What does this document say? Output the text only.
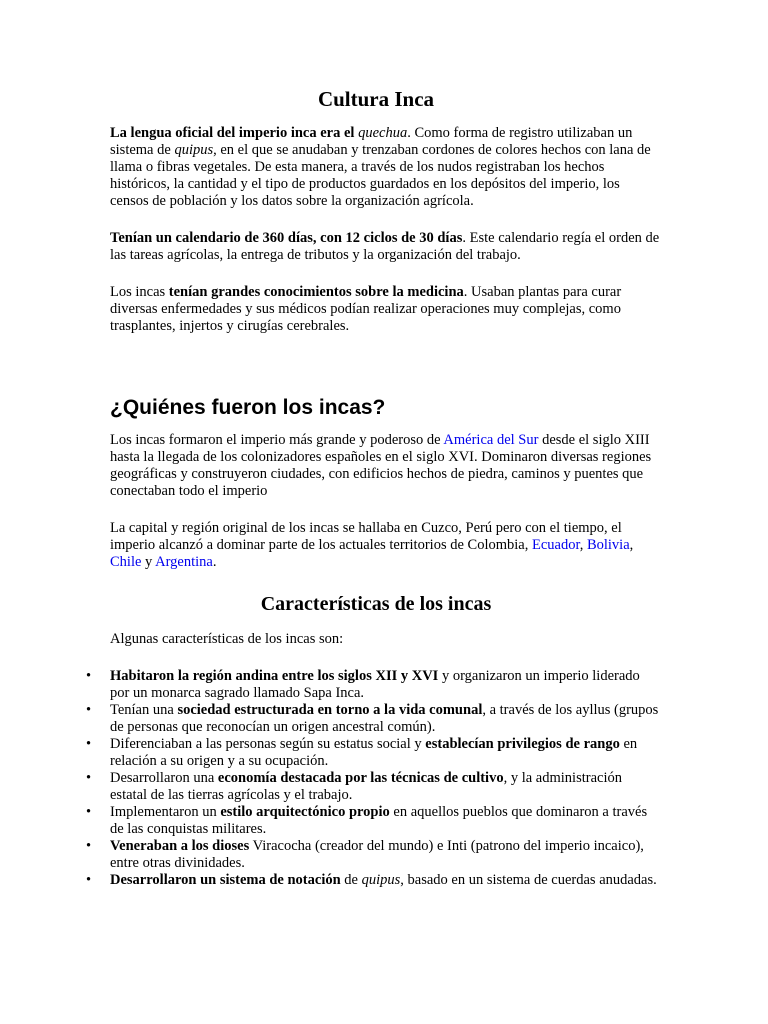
Cultura Inca

La lengua oficial del imperio inca era el quechua. Como forma de registro utilizaban un sistema de quipus, en el que se anudaban y trenzaban cordones de colores hechos con lana de llama o fibras vegetales. De esta manera, a través de los nudos registraban los hechos históricos, la cantidad y el tipo de productos guardados en los depósitos del imperio, los censos de población y los datos sobre la organización agrícola.

Tenían un calendario de 360 días, con 12 ciclos de 30 días. Este calendario regía el orden de las tareas agrícolas, la entrega de tributos y la organización del trabajo.

Los incas tenían grandes conocimientos sobre la medicina. Usaban plantas para curar diversas enfermedades y sus médicos podían realizar operaciones muy complejas, como trasplantes, injertos y cirugías cerebrales.

¿Quiénes fueron los incas?

Los incas formaron el imperio más grande y poderoso de América del Sur desde el siglo XIII hasta la llegada de los colonizadores españoles en el siglo XVI. Dominaron diversas regiones geográficas y construyeron ciudades, con edificios hechos de piedra, caminos y puentes que conectaban todo el imperio

La capital y región original de los incas se hallaba en Cuzco, Perú pero con el tiempo, el imperio alcanzó a dominar parte de los actuales territorios de Colombia, Ecuador, Bolivia, Chile y Argentina.

Características de los incas

Algunas características de los incas son:

• Habitaron la región andina entre los siglos XII y XVI y organizaron un imperio liderado por un monarca sagrado llamado Sapa Inca.
• Tenían una sociedad estructurada en torno a la vida comunal, a través de los ayllus (grupos de personas que reconocían un origen ancestral común).
• Diferenciaban a las personas según su estatus social y establecían privilegios de rango en relación a su origen y a su ocupación.
• Desarrollaron una economía destacada por las técnicas de cultivo, y la administración estatal de las tierras agrícolas y el trabajo.
• Implementaron un estilo arquitectónico propio en aquellos pueblos que dominaron a través de las conquistas militares.
• Veneraban a los dioses Viracocha (creador del mundo) e Inti (patrono del imperio incaico), entre otras divinidades.
• Desarrollaron un sistema de notación de quipus, basado en un sistema de cuerdas anudadas.
